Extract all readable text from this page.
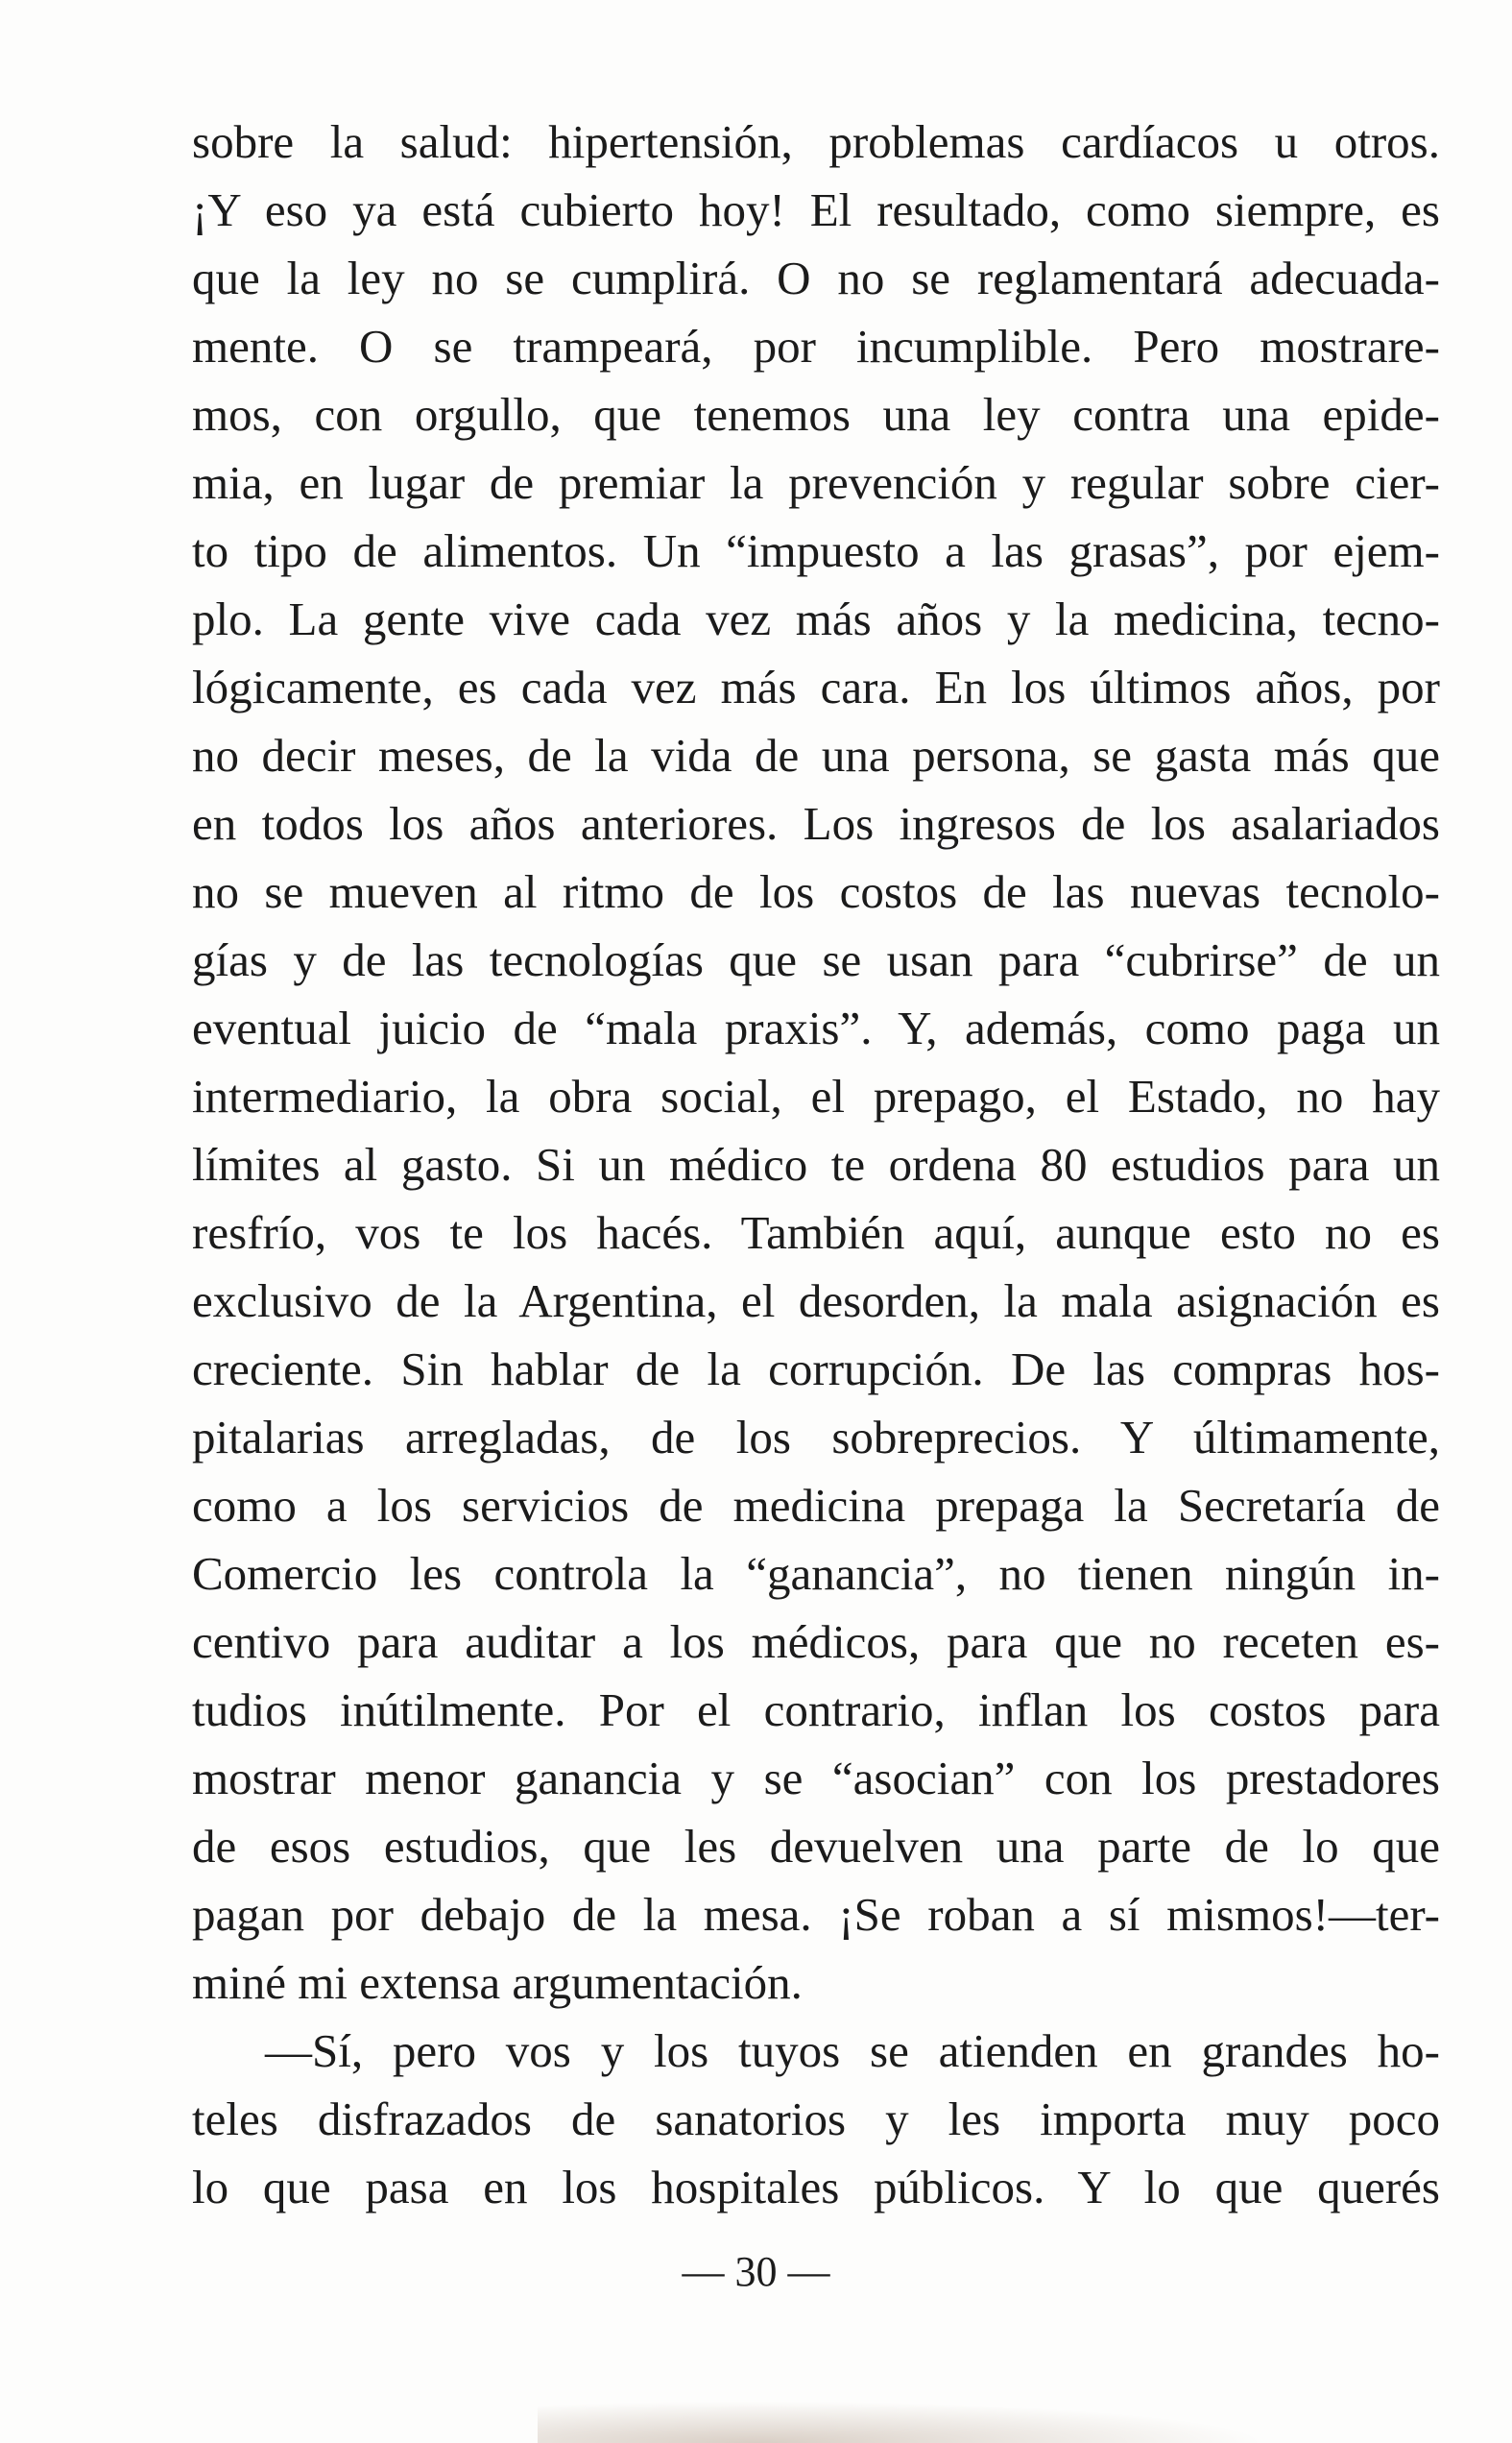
sobre la salud: hipertensión, problemas cardíacos u otros.
¡Y eso ya está cubierto hoy! El resultado, como siempre, es
que la ley no se cumplirá. O no se reglamentará adecuada-
mente. O se trampeará, por incumplible. Pero mostrare-
mos, con orgullo, que tenemos una ley contra una epide-
mia, en lugar de premiar la prevención y regular sobre cier-
to tipo de alimentos. Un “impuesto a las grasas”, por ejem-
plo. La gente vive cada vez más años y la medicina, tecno-
lógicamente, es cada vez más cara. En los últimos años, por
no decir meses, de la vida de una persona, se gasta más que
en todos los años anteriores. Los ingresos de los asalariados
no se mueven al ritmo de los costos de las nuevas tecnolo-
gías y de las tecnologías que se usan para “cubrirse” de un
eventual juicio de “mala praxis”. Y, además, como paga un
intermediario, la obra social, el prepago, el Estado, no hay
límites al gasto. Si un médico te ordena 80 estudios para un
resfrío, vos te los hacés. También aquí, aunque esto no es
exclusivo de la Argentina, el desorden, la mala asignación es
creciente. Sin hablar de la corrupción. De las compras hos-
pitalarias arregladas, de los sobreprecios. Y últimamente,
como a los servicios de medicina prepaga la Secretaría de
Comercio les controla la “ganancia”, no tienen ningún in-
centivo para auditar a los médicos, para que no receten es-
tudios inútilmente. Por el contrario, inflan los costos para
mostrar menor ganancia y se “asocian” con los prestadores
de esos estudios, que les devuelven una parte de lo que
pagan por debajo de la mesa. ¡Se roban a sí mismos!—ter-
miné mi extensa argumentación.
—Sí, pero vos y los tuyos se atienden en grandes ho-
teles disfrazados de sanatorios y les importa muy poco
lo que pasa en los hospitales públicos. Y lo que querés
— 30 —
